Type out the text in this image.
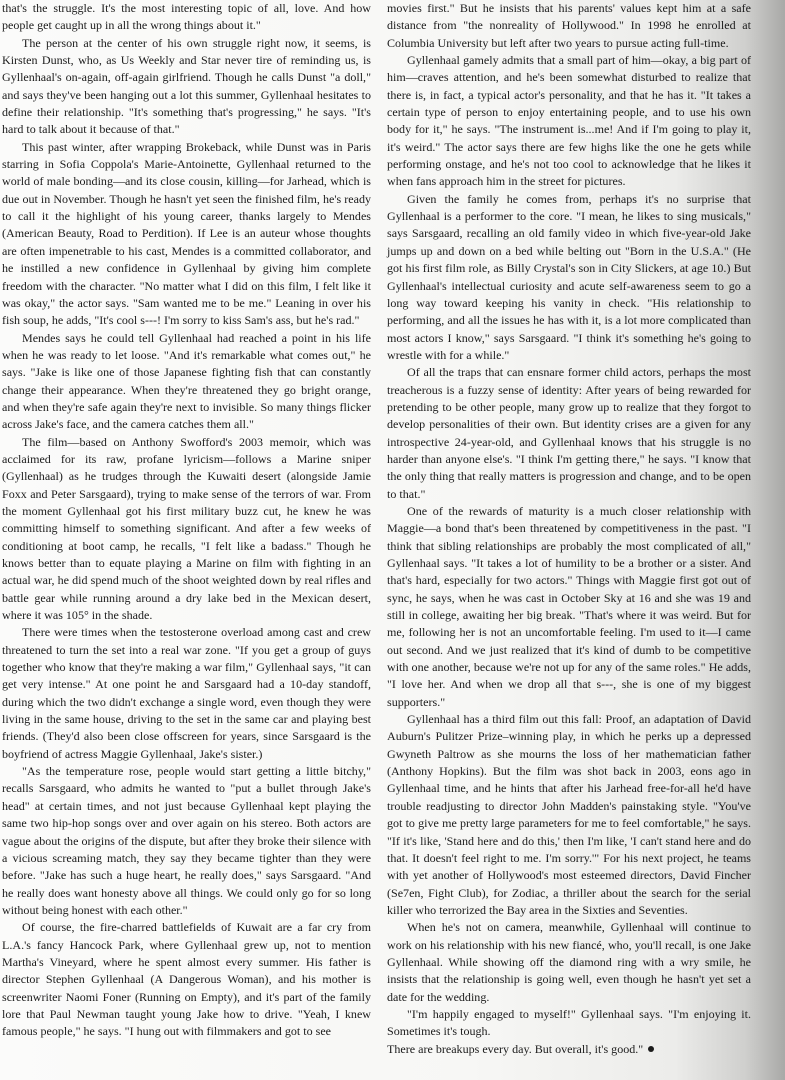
that's the struggle. It's the most interesting topic of all, love. And how people get caught up in all the wrong things about it."

The person at the center of his own struggle right now, it seems, is Kirsten Dunst, who, as Us Weekly and Star never tire of reminding us, is Gyllenhaal's on-again, off-again girlfriend. Though he calls Dunst "a doll," and says they've been hanging out a lot this summer, Gyllenhaal hesitates to define their relationship. "It's something that's progressing," he says. "It's hard to talk about it because of that."

This past winter, after wrapping Brokeback, while Dunst was in Paris starring in Sofia Coppola's Marie-Antoinette, Gyllenhaal returned to the world of male bonding—and its close cousin, killing—for Jarhead, which is due out in November. Though he hasn't yet seen the finished film, he's ready to call it the highlight of his young career, thanks largely to Mendes (American Beauty, Road to Perdition). If Lee is an auteur whose thoughts are often impenetrable to his cast, Mendes is a committed collaborator, and he instilled a new confidence in Gyllenhaal by giving him complete freedom with the character. "No matter what I did on this film, I felt like it was okay," the actor says. "Sam wanted me to be me." Leaning in over his fish soup, he adds, "It's cool s---! I'm sorry to kiss Sam's ass, but he's rad."

Mendes says he could tell Gyllenhaal had reached a point in his life when he was ready to let loose. "And it's remarkable what comes out," he says. "Jake is like one of those Japanese fighting fish that can constantly change their appearance. When they're threatened they go bright orange, and when they're safe again they're next to invisible. So many things flicker across Jake's face, and the camera catches them all."

The film—based on Anthony Swofford's 2003 memoir, which was acclaimed for its raw, profane lyricism—follows a Marine sniper (Gyllenhaal) as he trudges through the Kuwaiti desert (alongside Jamie Foxx and Peter Sarsgaard), trying to make sense of the terrors of war. From the moment Gyllenhaal got his first military buzz cut, he knew he was committing himself to something significant. And after a few weeks of conditioning at boot camp, he recalls, "I felt like a badass." Though he knows better than to equate playing a Marine on film with fighting in an actual war, he did spend much of the shoot weighted down by real rifles and battle gear while running around a dry lake bed in the Mexican desert, where it was 105° in the shade.

There were times when the testosterone overload among cast and crew threatened to turn the set into a real war zone. "If you get a group of guys together who know that they're making a war film," Gyllenhaal says, "it can get very intense." At one point he and Sarsgaard had a 10-day standoff, during which the two didn't exchange a single word, even though they were living in the same house, driving to the set in the same car and playing best friends. (They'd also been close offscreen for years, since Sarsgaard is the boyfriend of actress Maggie Gyllenhaal, Jake's sister.)

"As the temperature rose, people would start getting a little bitchy," recalls Sarsgaard, who admits he wanted to "put a bullet through Jake's head" at certain times, and not just because Gyllenhaal kept playing the same two hip-hop songs over and over again on his stereo. Both actors are vague about the origins of the dispute, but after they broke their silence with a vicious screaming match, they say they became tighter than they were before. "Jake has such a huge heart, he really does," says Sarsgaard. "And he really does want honesty above all things. We could only go for so long without being honest with each other."

Of course, the fire-charred battlefields of Kuwait are a far cry from L.A.'s fancy Hancock Park, where Gyllenhaal grew up, not to mention Martha's Vineyard, where he spent almost every summer. His father is director Stephen Gyllenhaal (A Dangerous Woman), and his mother is screenwriter Naomi Foner (Running on Empty), and it's part of the family lore that Paul Newman taught young Jake how to drive. "Yeah, I knew famous people," he says. "I hung out with filmmakers and got to see

movies first." But he insists that his parents' values kept him at a safe distance from "the nonreality of Hollywood." In 1998 he enrolled at Columbia University but left after two years to pursue acting full-time.

Gyllenhaal gamely admits that a small part of him—okay, a big part of him—craves attention, and he's been somewhat disturbed to realize that there is, in fact, a typical actor's personality, and that he has it. "It takes a certain type of person to enjoy entertaining people, and to use his own body for it," he says. "The instrument is...me! And if I'm going to play it, it's weird." The actor says there are few highs like the one he gets while performing onstage, and he's not too cool to acknowledge that he likes it when fans approach him in the street for pictures.

Given the family he comes from, perhaps it's no surprise that Gyllenhaal is a performer to the core. "I mean, he likes to sing musicals," says Sarsgaard, recalling an old family video in which five-year-old Jake jumps up and down on a bed while belting out "Born in the U.S.A." (He got his first film role, as Billy Crystal's son in City Slickers, at age 10.) But Gyllenhaal's intellectual curiosity and acute self-awareness seem to go a long way toward keeping his vanity in check. "His relationship to performing, and all the issues he has with it, is a lot more complicated than most actors I know," says Sarsgaard. "I think it's something he's going to wrestle with for a while."

Of all the traps that can ensnare former child actors, perhaps the most treacherous is a fuzzy sense of identity: After years of being rewarded for pretending to be other people, many grow up to realize that they forgot to develop personalities of their own. But identity crises are a given for any introspective 24-year-old, and Gyllenhaal knows that his struggle is no harder than anyone else's. "I think I'm getting there," he says. "I know that the only thing that really matters is progression and change, and to be open to that."

One of the rewards of maturity is a much closer relationship with Maggie—a bond that's been threatened by competitiveness in the past. "I think that sibling relationships are probably the most complicated of all," Gyllenhaal says. "It takes a lot of humility to be a brother or a sister. And that's hard, especially for two actors." Things with Maggie first got out of sync, he says, when he was cast in October Sky at 16 and she was 19 and still in college, awaiting her big break. "That's where it was weird. But for me, following her is not an uncomfortable feeling. I'm used to it—I came out second. And we just realized that it's kind of dumb to be competitive with one another, because we're not up for any of the same roles." He adds, "I love her. And when we drop all that s---, she is one of my biggest supporters."

Gyllenhaal has a third film out this fall: Proof, an adaptation of David Auburn's Pulitzer Prize–winning play, in which he perks up a depressed Gwyneth Paltrow as she mourns the loss of her mathematician father (Anthony Hopkins). But the film was shot back in 2003, eons ago in Gyllenhaal time, and he hints that after his Jarhead free-for-all he'd have trouble readjusting to director John Madden's painstaking style. "You've got to give me pretty large parameters for me to feel comfortable," he says. "If it's like, 'Stand here and do this,' then I'm like, 'I can't stand here and do that. It doesn't feel right to me. I'm sorry.'" For his next project, he teams with yet another of Hollywood's most esteemed directors, David Fincher (Se7en, Fight Club), for Zodiac, a thriller about the search for the serial killer who terrorized the Bay area in the Sixties and Seventies.

When he's not on camera, meanwhile, Gyllenhaal will continue to work on his relationship with his new fiancé, who, you'll recall, is one Jake Gyllenhaal. While showing off the diamond ring with a wry smile, he insists that the relationship is going well, even though he hasn't yet set a date for the wedding.

"I'm happily engaged to myself!" Gyllenhaal says. "I'm enjoying it. Sometimes it's tough.

There are breakups every day. But overall, it's good."
